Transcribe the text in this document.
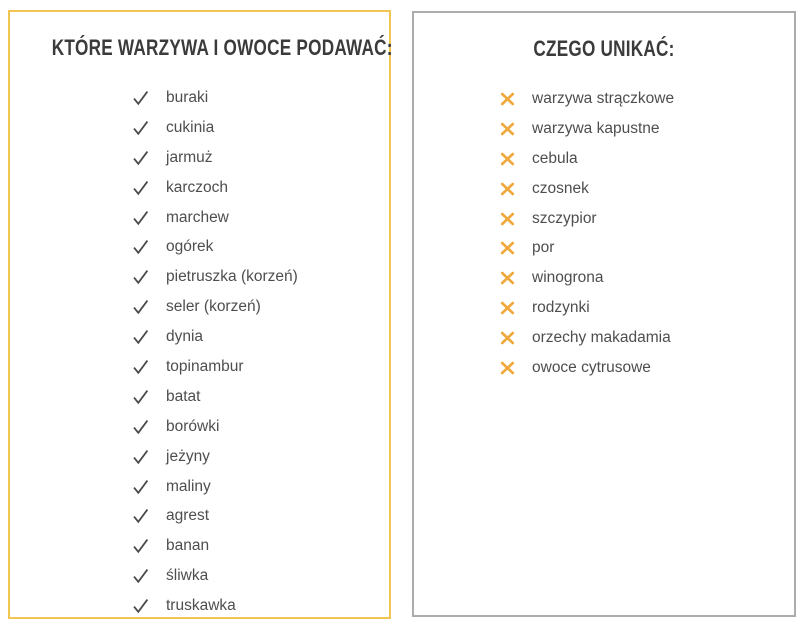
KTÓRE WARZYWA I OWOCE PODAWAĆ:
buraki
cukinia
jarmuż
karczoch
marchew
ogórek
pietruszka (korzeń)
seler (korzeń)
dynia
topinambur
batat
borówki
jeżyny
maliny
agrest
banan
śliwka
truskawka
CZEGO UNIKAĆ:
warzywa strączkowe
warzywa kapustne
cebula
czosnek
szczypior
por
winogrona
rodzynki
orzechy makadamia
owoce cytrusowe
